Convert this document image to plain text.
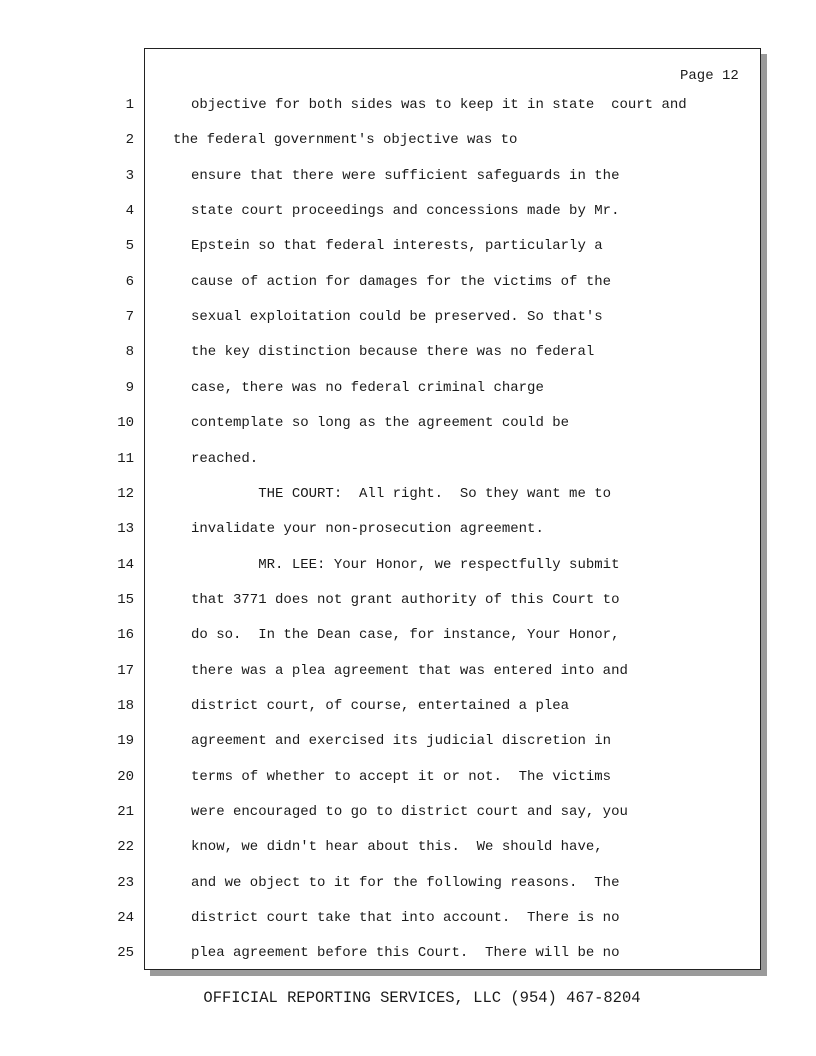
Page 12
1	objective for both sides was to keep it in state  court and
2	the federal government's objective was to
3	ensure that there were sufficient safeguards in the
4	state court proceedings and concessions made by Mr.
5	Epstein so that federal interests, particularly a
6	cause of action for damages for the victims of the
7	sexual exploitation could be preserved. So that's
8	the key distinction because there was no federal
9	case, there was no federal criminal charge
10	contemplate so long as the agreement could be
11	reached.
12	THE COURT:  All right.  So they want me to
13	invalidate your non-prosecution agreement.
14	MR. LEE: Your Honor, we respectfully submit
15	that 3771 does not grant authority of this Court to
16	do so.  In the Dean case, for instance, Your Honor,
17	there was a plea agreement that was entered into and
18	district court, of course, entertained a plea
19	agreement and exercised its judicial discretion in
20	terms of whether to accept it or not.  The victims
21	were encouraged to go to district court and say, you
22	know, we didn't hear about this.  We should have,
23	and we object to it for the following reasons.  The
24	district court take that into account.  There is no
25	plea agreement before this Court.  There will be no
OFFICIAL REPORTING SERVICES, LLC (954) 467-8204
